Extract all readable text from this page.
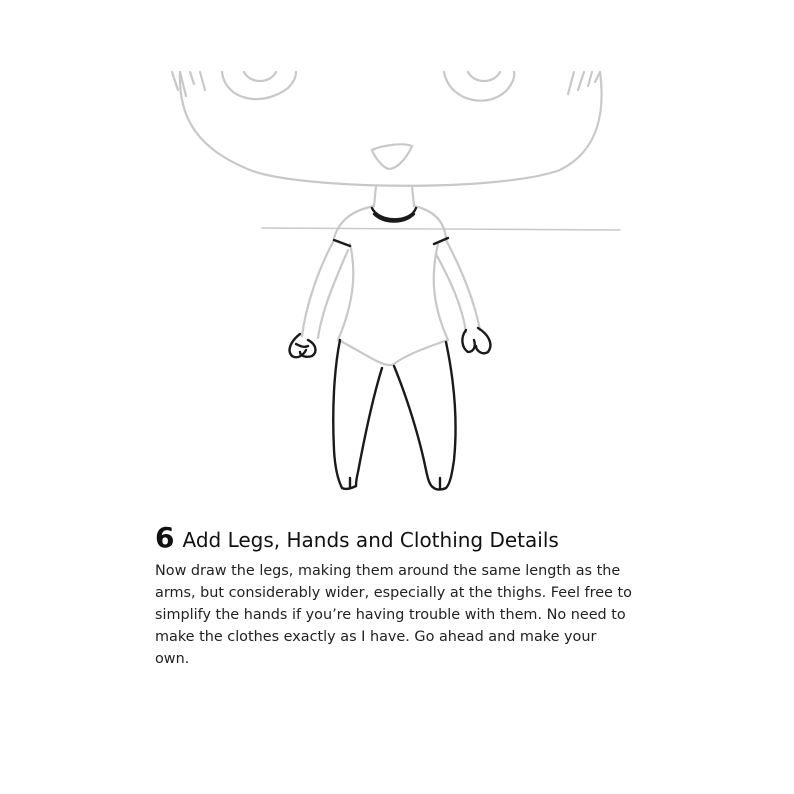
6 Add Legs, Hands and Clothing Details
Now draw the legs, making them around the same length as the arms, but considerably wider, especially at the thighs. Feel free to simplify the hands if you’re having trouble with them. No need to make the clothes exactly as I have. Go ahead and make your own.
